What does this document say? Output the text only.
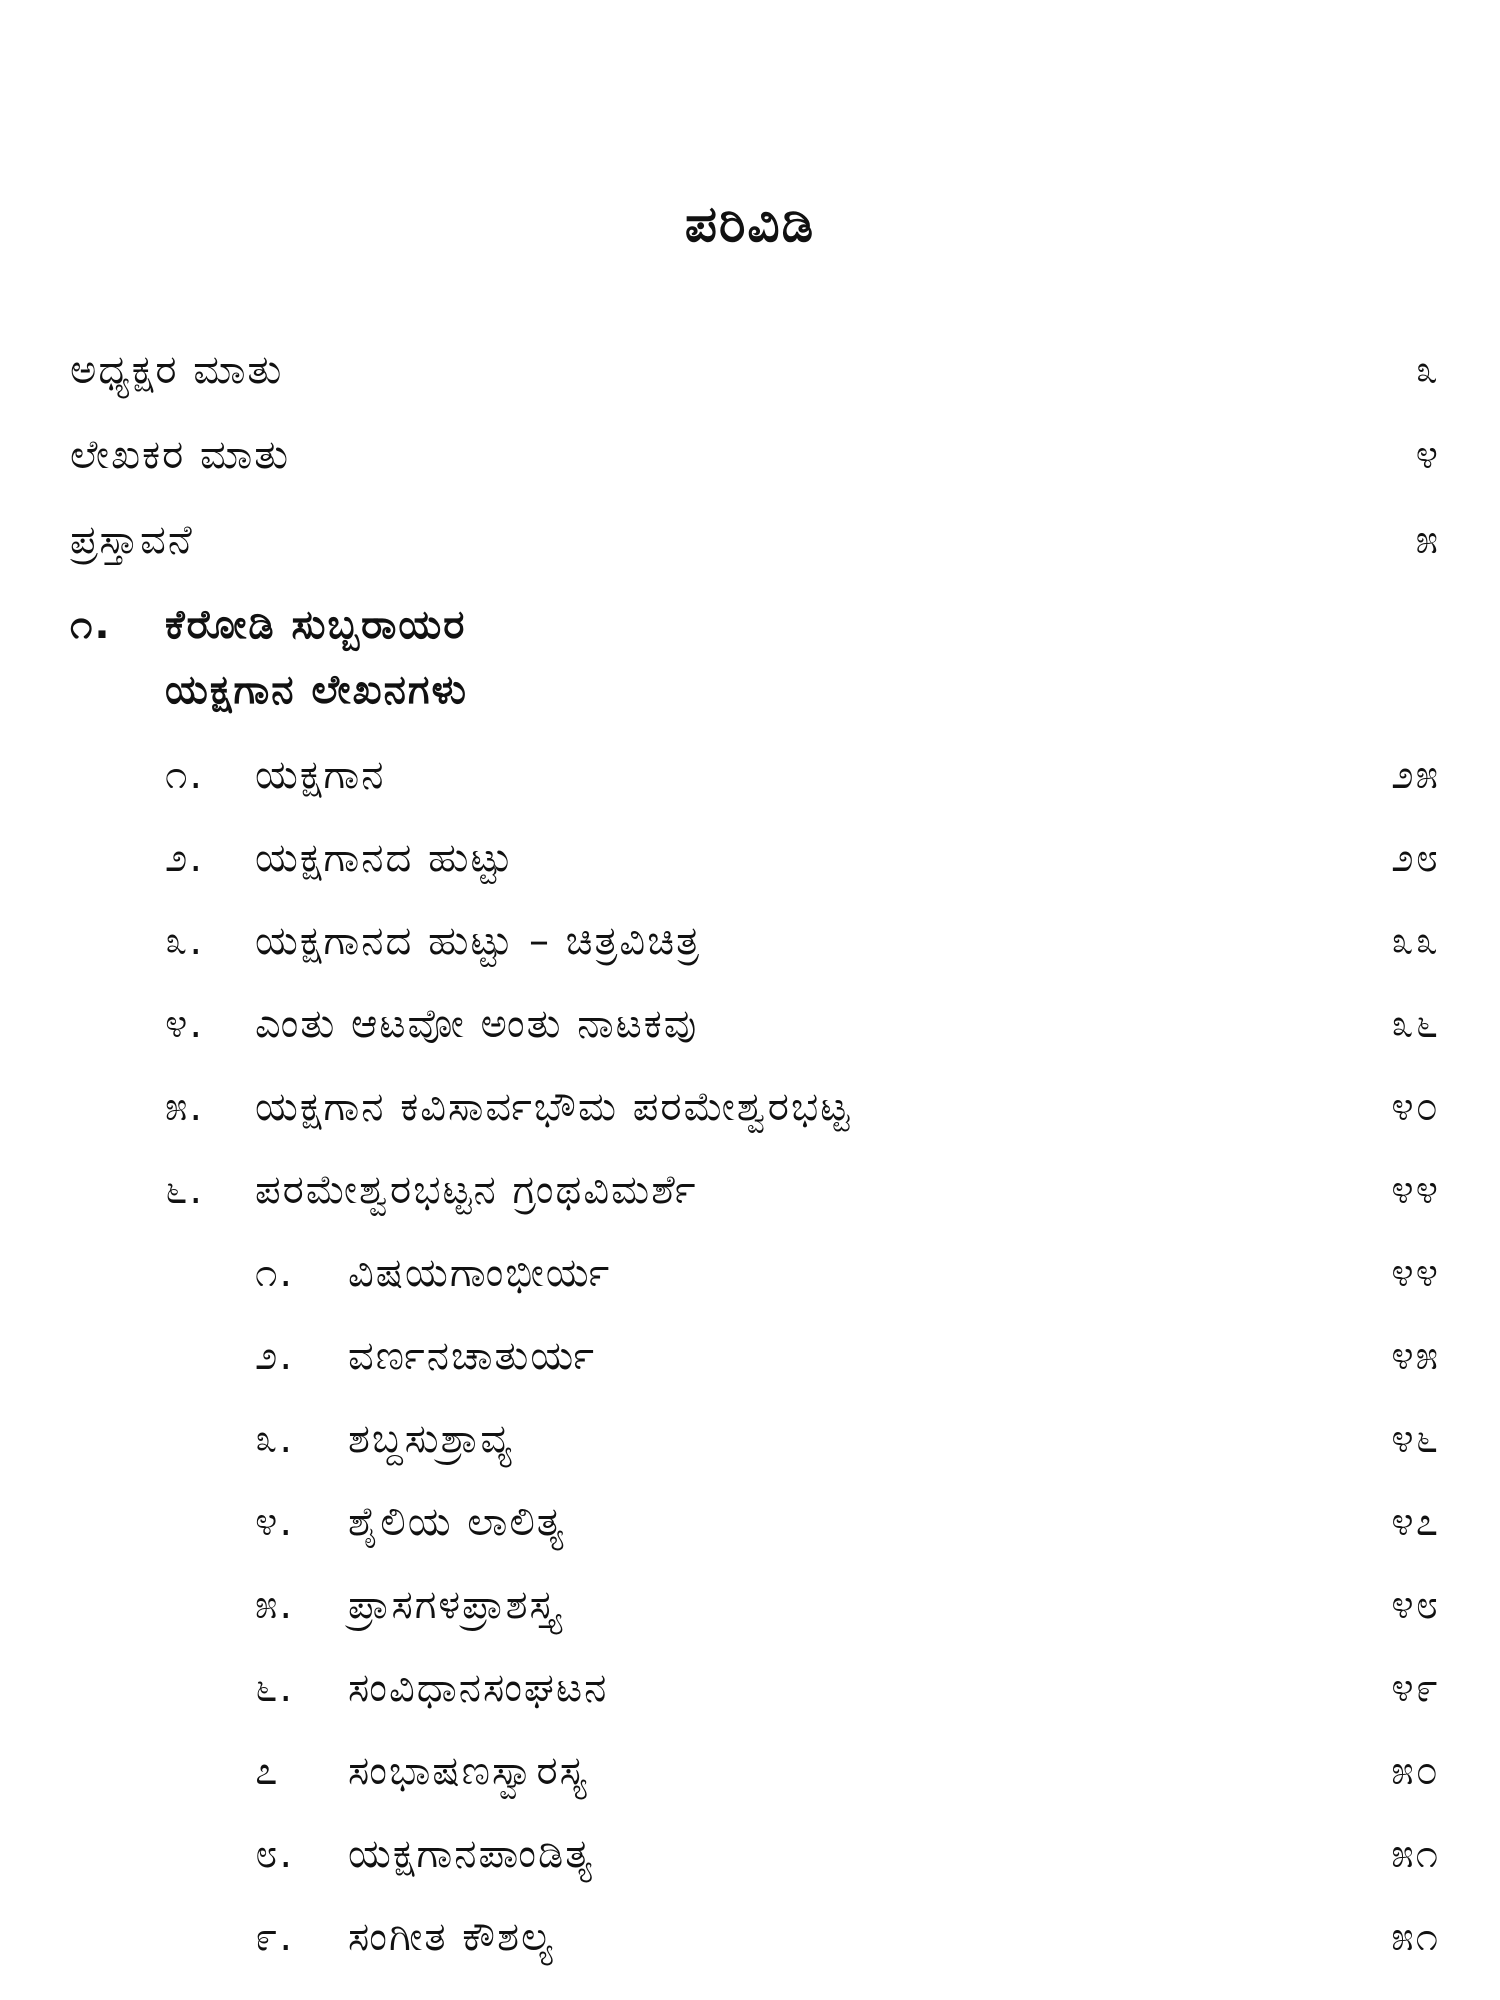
ಪರಿವಿಡಿ
ಅಧ್ಯಕ್ಷರ ಮಾತು	೩
ಲೇಖಕರ ಮಾತು	೪
ಪ್ರಸ್ತಾವನೆ	೫
೧. ಕೆರೋಡಿ ಸುಬ್ಬರಾಯರ
ಯಕ್ಷಗಾನ ಲೇಖನಗಳು
೧. ಯಕ್ಷಗಾನ	೨೫
೨. ಯಕ್ಷಗಾನದ ಹುಟ್ಟು	೨೮
೩. ಯಕ್ಷಗಾನದ ಹುಟ್ಟು – ಚಿತ್ರವಿಚಿತ್ರ	೩೩
೪. ಎಂತು ಆಟವೋ ಅಂತು ನಾಟಕವು	೩೬
೫. ಯಕ್ಷಗಾನ ಕವಿಸಾರ್ವಭೌಮ ಪರಮೇಶ್ವರಭಟ್ಟ	೪೦
೬. ಪರಮೇಶ್ವರಭಟ್ಟನ ಗ್ರಂಥವಿಮರ್ಶೆ	೪೪
೧. ವಿಷಯಗಾಂಭೀರ್ಯ	೪೪
೨. ವರ್ಣನಚಾತುರ್ಯ	೪೫
೩. ಶಬ್ದಸುಶ್ರಾವ್ಯ	೪೬
೪. ಶೈಲಿಯ ಲಾಲಿತ್ಯ	೪೭
೫. ಪ್ರಾಸಗಳಪ್ರಾಶಸ್ತ್ಯ	೪೮
೬. ಸಂವಿಧಾನಸಂಘಟನ	೪೯
೭ ಸಂಭಾಷಣಸ್ವಾರಸ್ಯ	೫೦
೮. ಯಕ್ಷಗಾನಪಾಂಡಿತ್ಯ	೫೧
೯. ಸಂಗೀತ ಕೌಶಲ್ಯ	೫೧
